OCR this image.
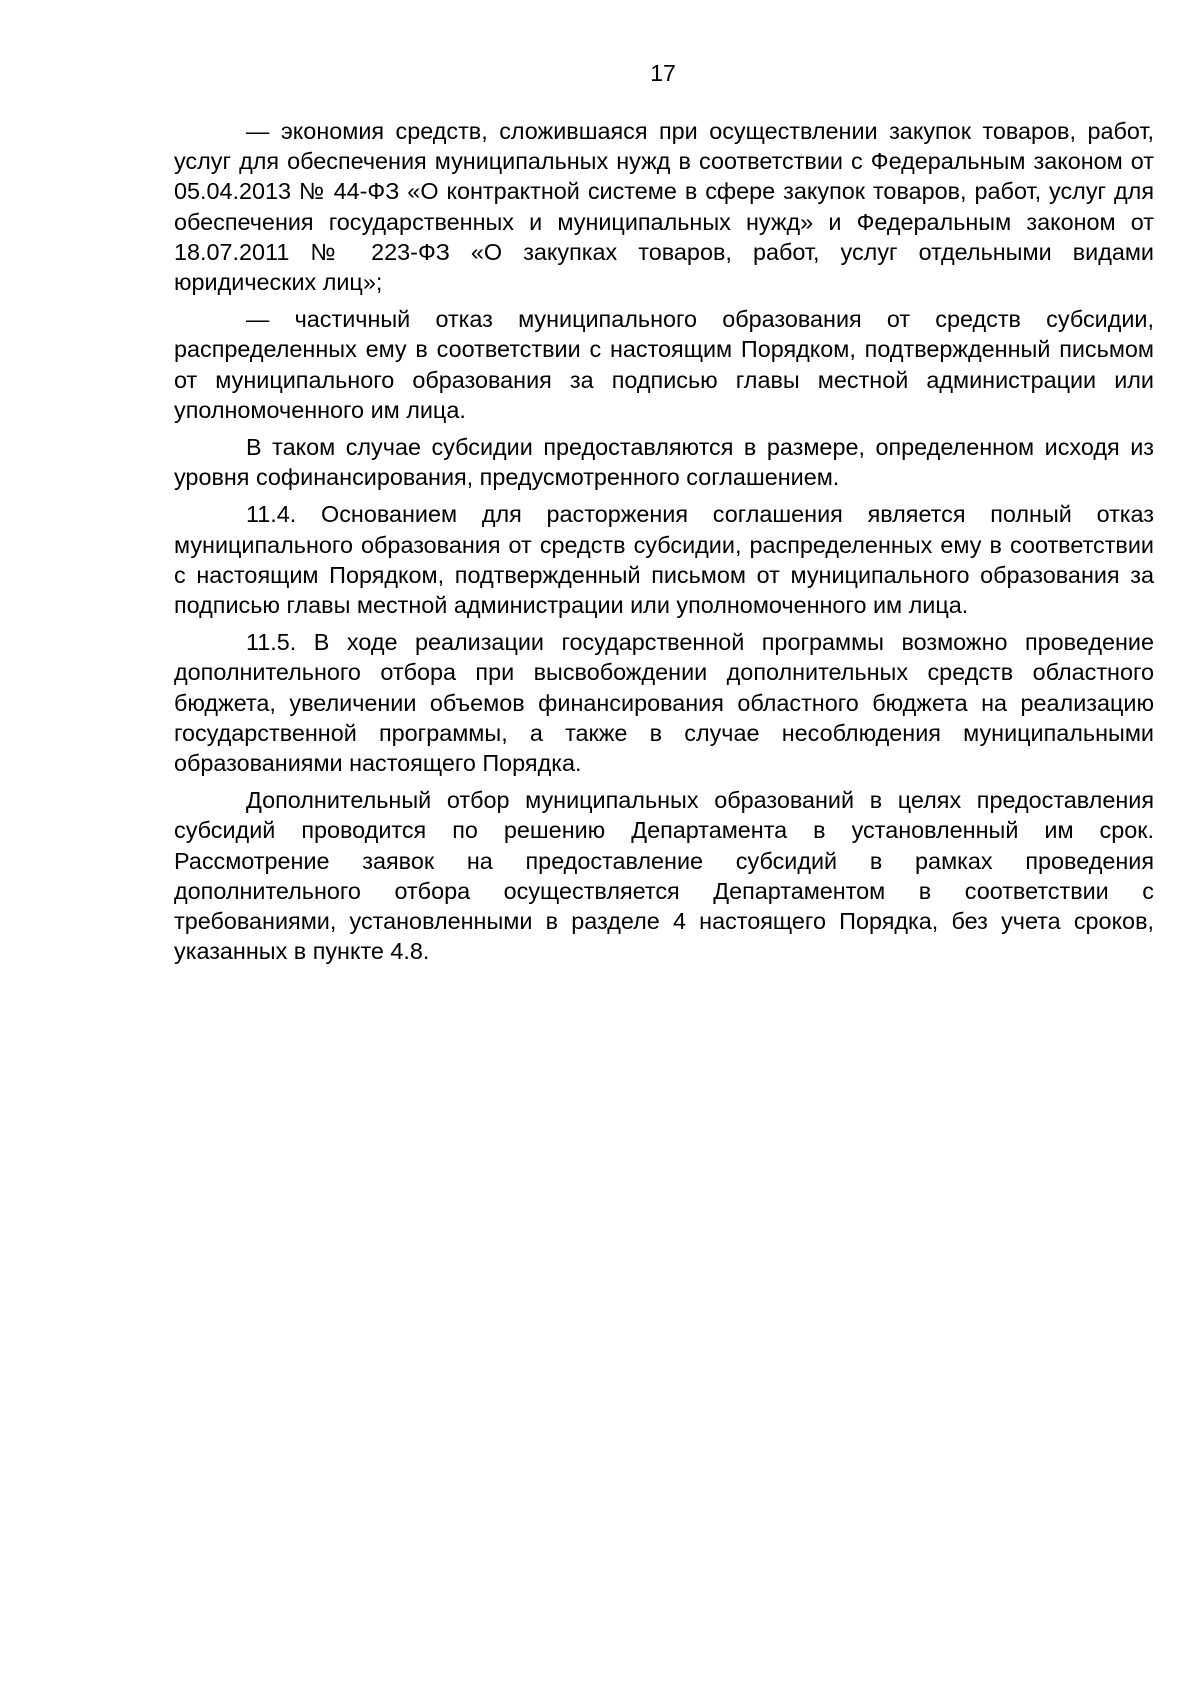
17

— экономия средств, сложившаяся при осуществлении закупок товаров, работ, услуг для обеспечения муниципальных нужд в соответствии с Федеральным законом от 05.04.2013 № 44-ФЗ «О контрактной системе в сфере закупок товаров, работ, услуг для обеспечения государственных и муниципальных нужд» и Федеральным законом от 18.07.2011 № 223-ФЗ «О закупках товаров, работ, услуг отдельными видами юридических лиц»;

— частичный отказ муниципального образования от средств субсидии, распределенных ему в соответствии с настоящим Порядком, подтвержденный письмом от муниципального образования за подписью главы местной администрации или уполномоченного им лица.

В таком случае субсидии предоставляются в размере, определенном исходя из уровня софинансирования, предусмотренного соглашением.

11.4. Основанием для расторжения соглашения является полный отказ муниципального образования от средств субсидии, распределенных ему в соответствии с настоящим Порядком, подтвержденный письмом от муниципального образования за подписью главы местной администрации или уполномоченного им лица.

11.5. В ходе реализации государственной программы возможно проведение дополнительного отбора при высвобождении дополнительных средств областного бюджета, увеличении объемов финансирования областного бюджета на реализацию государственной программы, а также в случае несоблюдения муниципальными образованиями настоящего Порядка.

Дополнительный отбор муниципальных образований в целях предоставления субсидий проводится по решению Департамента в установленный им срок. Рассмотрение заявок на предоставление субсидий в рамках проведения дополнительного отбора осуществляется Департаментом в соответствии с требованиями, установленными в разделе 4 настоящего Порядка, без учета сроков, указанных в пункте 4.8.
